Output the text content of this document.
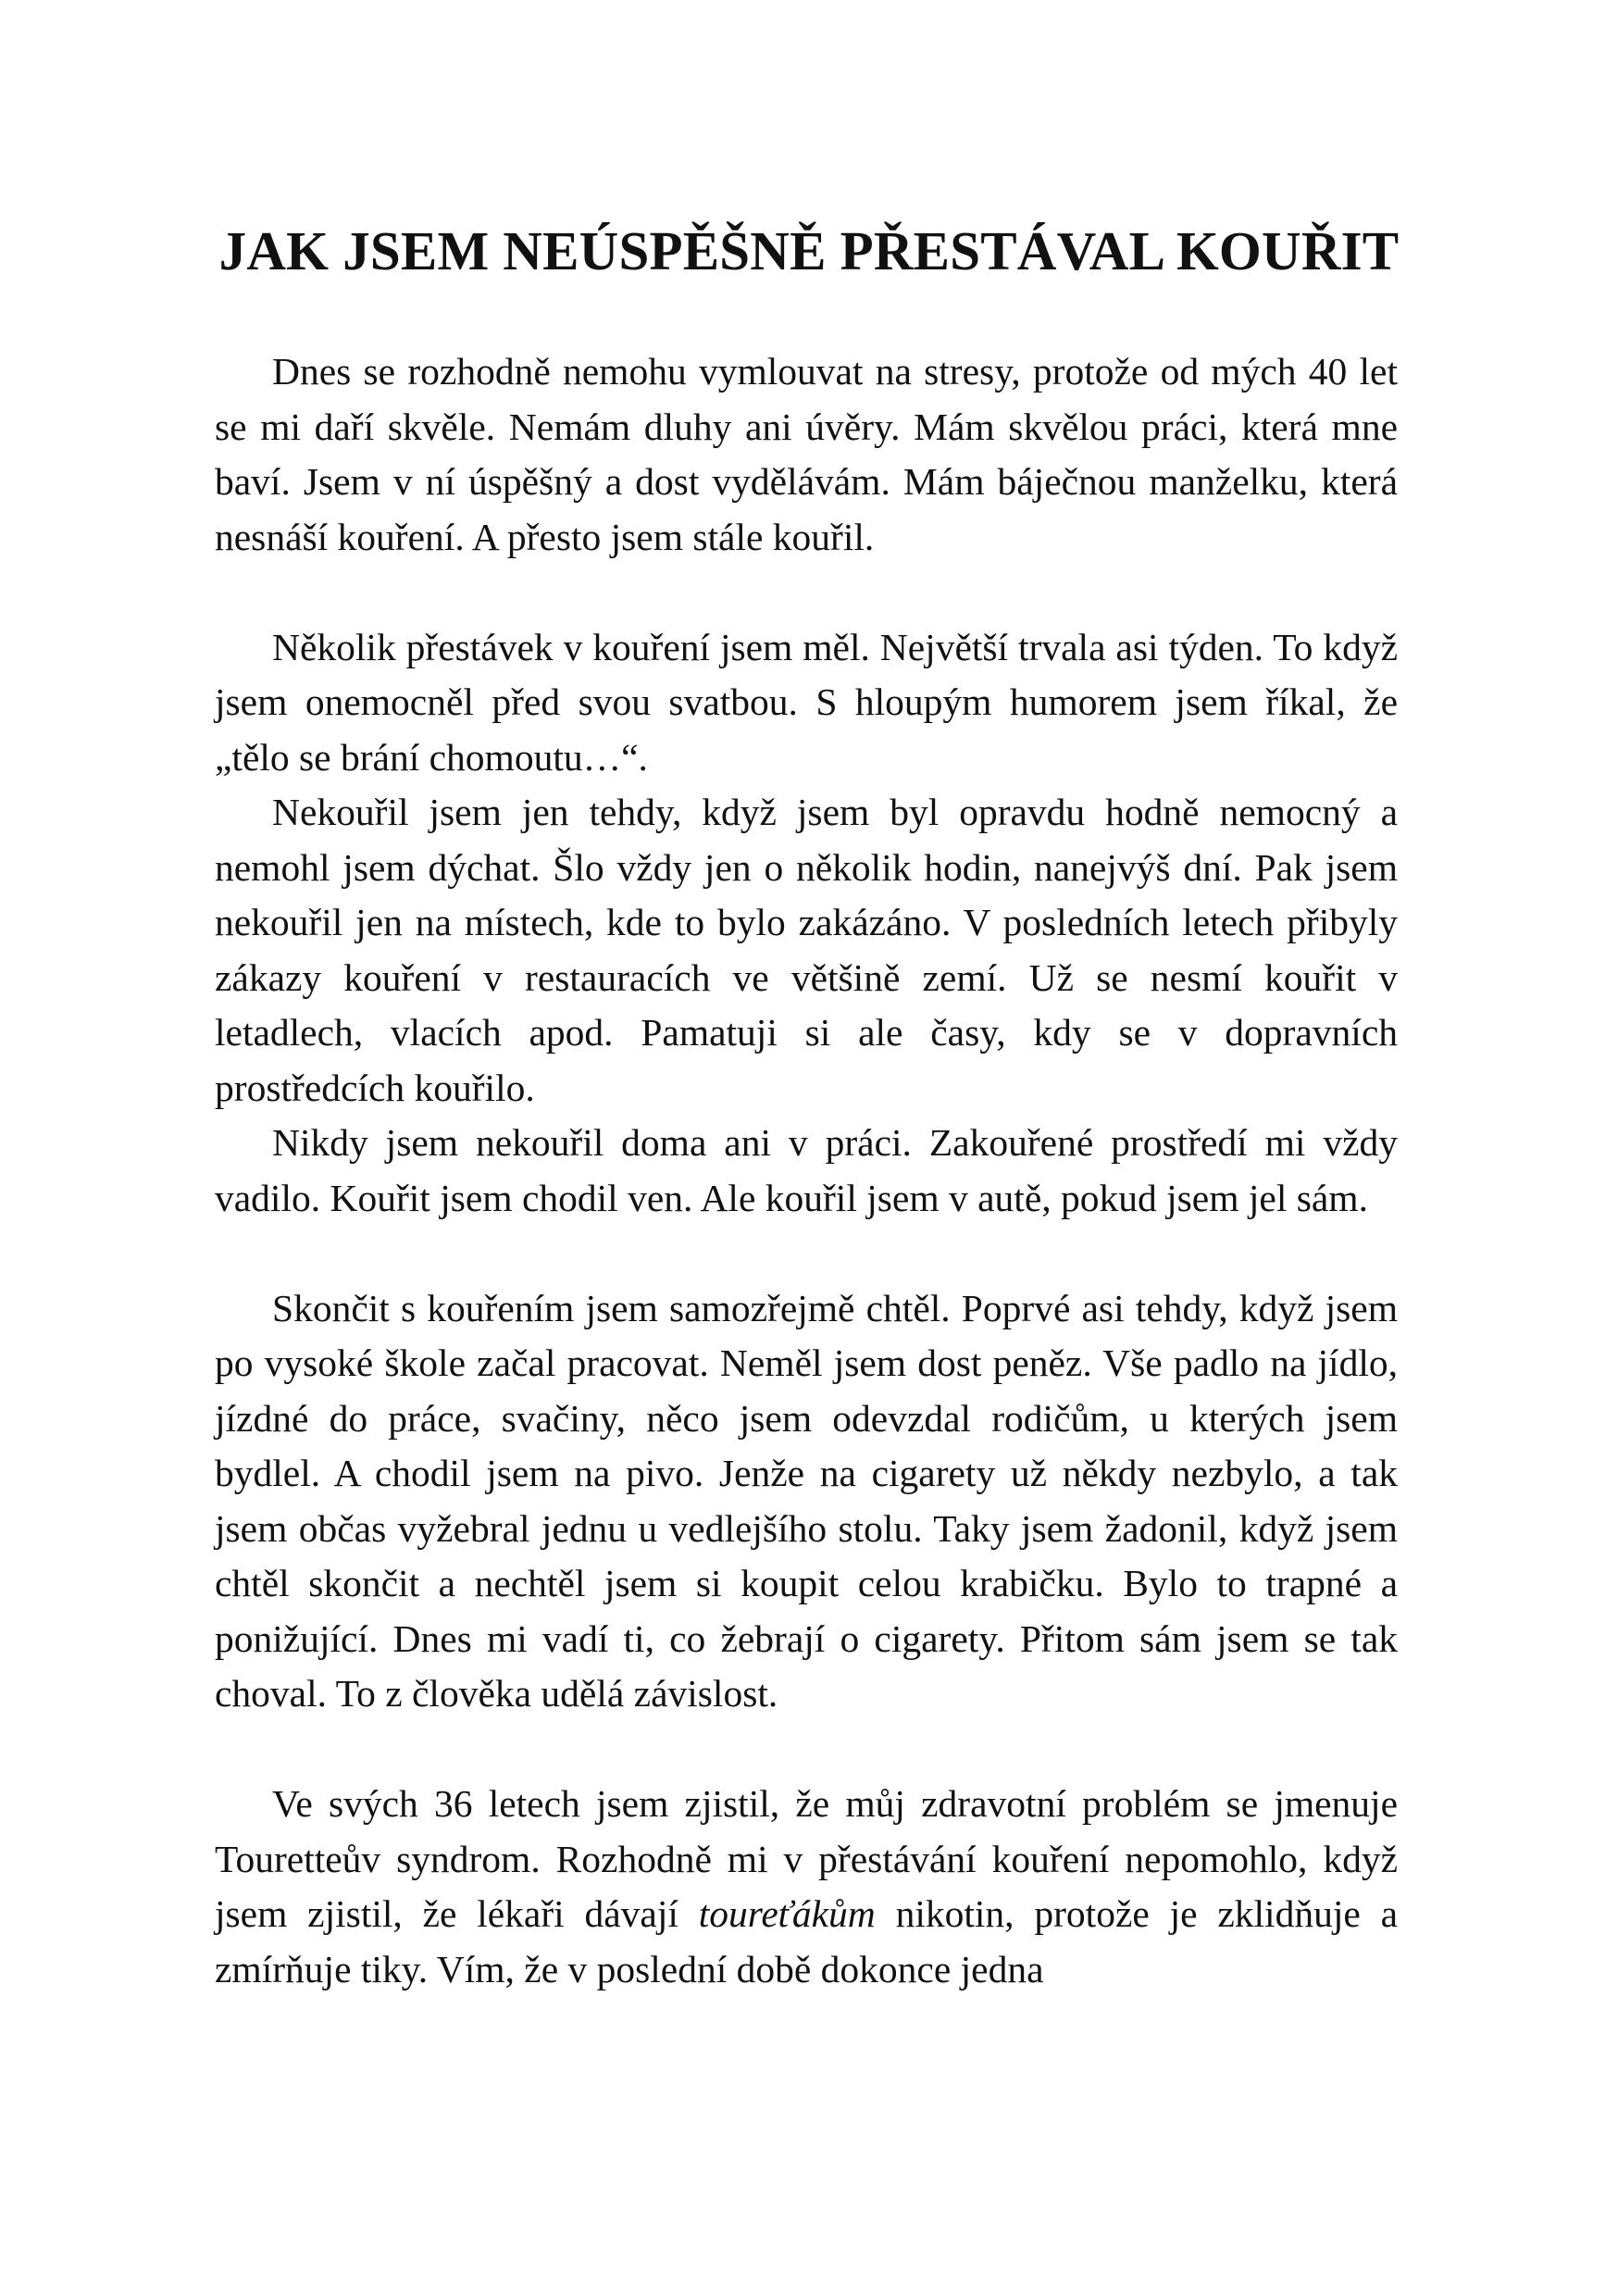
JAK JSEM NEÚSPĚŠNĚ PŘESTÁVAL KOUŘIT

Dnes se rozhodně nemohu vymlouvat na stresy, protože od mých 40 let se mi daří skvěle. Nemám dluhy ani úvěry. Mám skvělou práci, která mne baví. Jsem v ní úspěšný a dost vydělávám. Mám báječnou manželku, která nesnáší kouření. A přesto jsem stále kouřil.

Několik přestávek v kouření jsem měl. Největší trvala asi týden. To když jsem onemocněl před svou svatbou. S hloupým humorem jsem říkal, že „tělo se brání chomoutu…“.

Nekouřil jsem jen tehdy, když jsem byl opravdu hodně nemocný a nemohl jsem dýchat. Šlo vždy jen o několik hodin, nanejvýš dní. Pak jsem nekouřil jen na místech, kde to bylo zakázáno. V posledních letech přibyly zákazy kouření v restauracích ve většině zemí. Už se nesmí kouřit v letadlech, vlacích apod. Pamatuji si ale časy, kdy se v dopravních prostředcích kouřilo.

Nikdy jsem nekouřil doma ani v práci. Zakouřené prostředí mi vždy vadilo. Kouřit jsem chodil ven. Ale kouřil jsem v autě, pokud jsem jel sám.

Skončit s kouřením jsem samozřejmě chtěl. Poprvé asi tehdy, když jsem po vysoké škole začal pracovat. Neměl jsem dost peněz. Vše padlo na jídlo, jízdné do práce, svačiny, něco jsem odevzdal rodičům, u kterých jsem bydlel. A chodil jsem na pivo. Jenže na cigarety už někdy nezbylo, a tak jsem občas vyžebral jednu u vedlejšího stolu. Taky jsem žadonil, když jsem chtěl skončit a nechtěl jsem si koupit celou krabičku. Bylo to trapné a ponižující. Dnes mi vadí ti, co žebrají o cigarety. Přitom sám jsem se tak choval. To z člověka udělá závislost.

Ve svých 36 letech jsem zjistil, že můj zdravotní problém se jmenuje Touretteův syndrom. Rozhodně mi v přestávání kouření nepomohlo, když jsem zjistil, že lékaři dávají toureťákům nikotin, protože je zklidňuje a zmírňuje tiky. Vím, že v poslední době dokonce jedna
